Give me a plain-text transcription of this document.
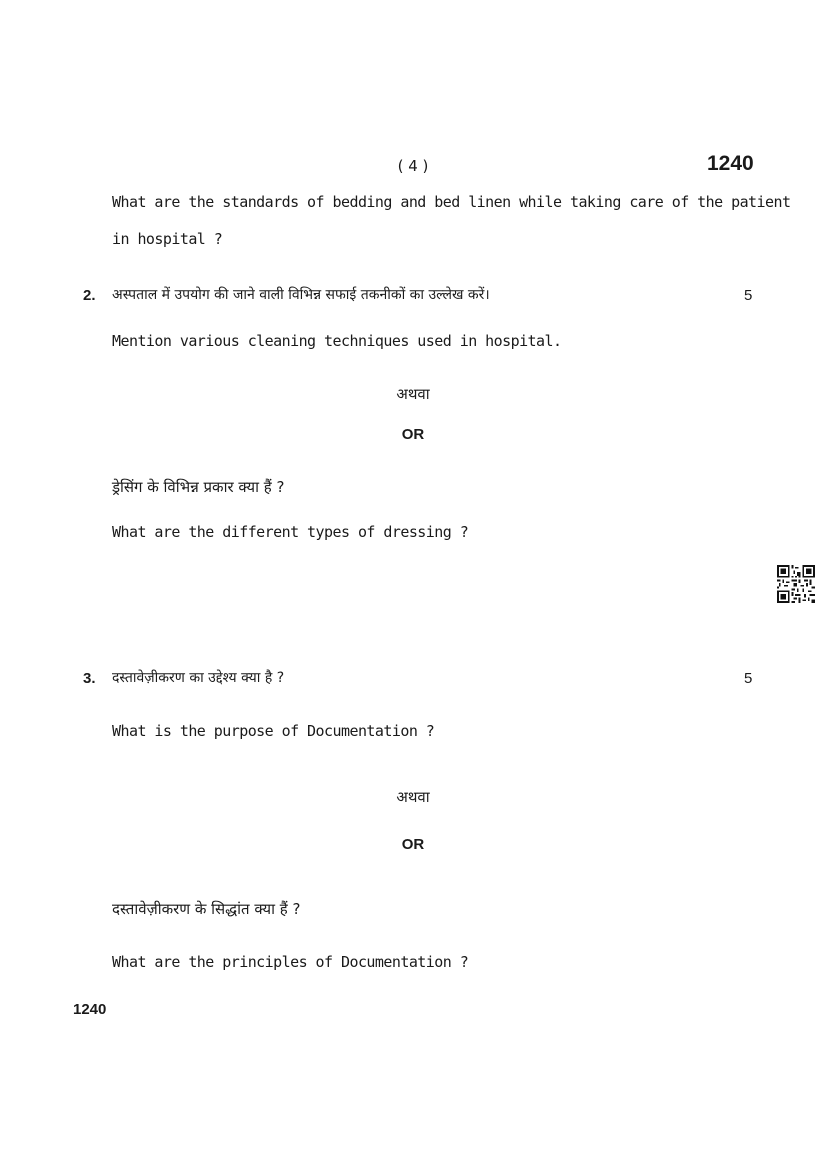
( 4 )	1240
What are the standards of bedding and bed linen while taking care of the patient
in hospital ?
2. अस्पताल में उपयोग की जाने वाली विभिन्न सफाई तकनीकों का उल्लेख करें।	5
Mention various cleaning techniques used in hospital.
अथवा
OR
ड्रेसिंग के विभिन्न प्रकार क्या हैं ?
What are the different types of dressing ?
3. दस्तावेज़ीकरण का उद्देश्य क्या है ?	5
What is the purpose of Documentation ?
अथवा
OR
दस्तावेज़ीकरण के सिद्धांत क्या हैं ?
What are the principles of Documentation ?
1240
